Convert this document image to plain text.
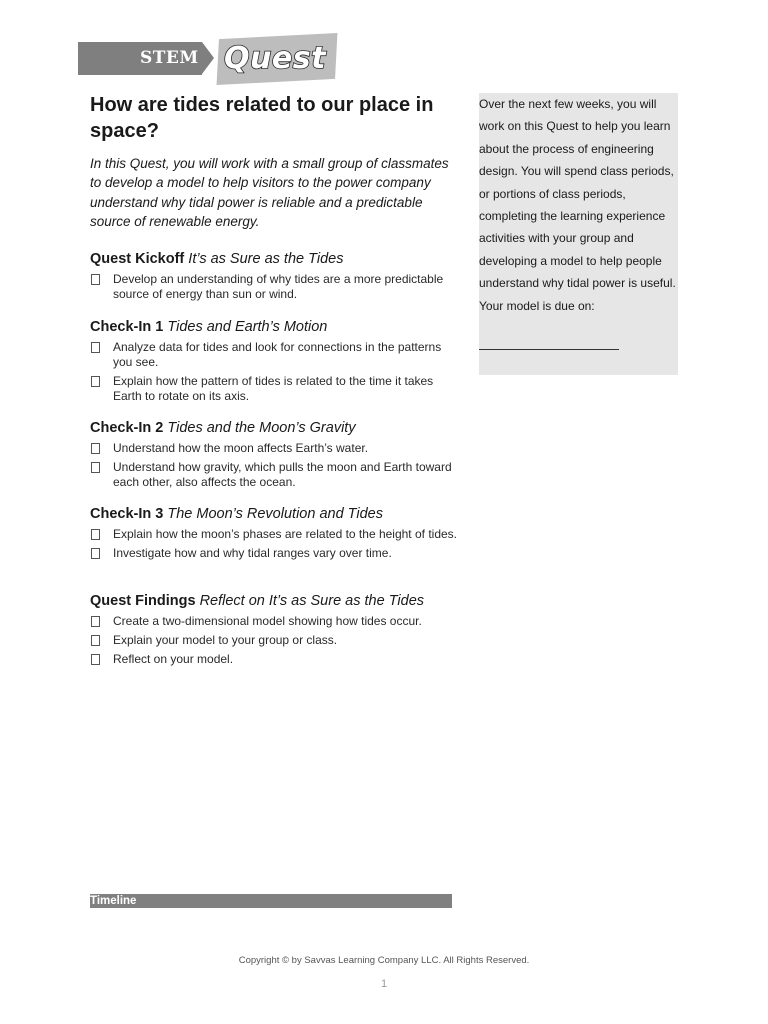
STEM Quest
How are tides related to our place in space?

In this Quest, you will work with a small group of classmates to develop a model to help visitors to the power company understand why tidal power is reliable and a predictable source of renewable energy.

Quest Kickoff It’s as Sure as the Tides

Develop an understanding of why tides are a more predictable source of energy than sun or wind.

Check-In 1 Tides and Earth’s Motion

Analyze data for tides and look for connections in the patterns you see.
Explain how the pattern of tides is related to the time it takes Earth to rotate on its axis.

Check-In 2 Tides and the Moon’s Gravity

Understand how the moon affects Earth’s water.
Understand how gravity, which pulls the moon and Earth toward each other, also affects the ocean.

Check-In 3 The Moon’s Revolution and Tides

Explain how the moon’s phases are related to the height of tides.
Investigate how and why tidal ranges vary over time.

Quest Findings Reflect on It’s as Sure as the Tides

Create a two-dimensional model showing how tides occur.
Explain your model to your group or class.
Reflect on your model.

Over the next few weeks, you will work on this Quest to help you learn about the process of engineering design. You will spend class periods, or portions of class periods, completing the learning experience activities with your group and developing a model to help people understand why tidal power is useful.

Your model is due on:

Timeline
Copyright © by Savvas Learning Company LLC. All Rights Reserved.
1
